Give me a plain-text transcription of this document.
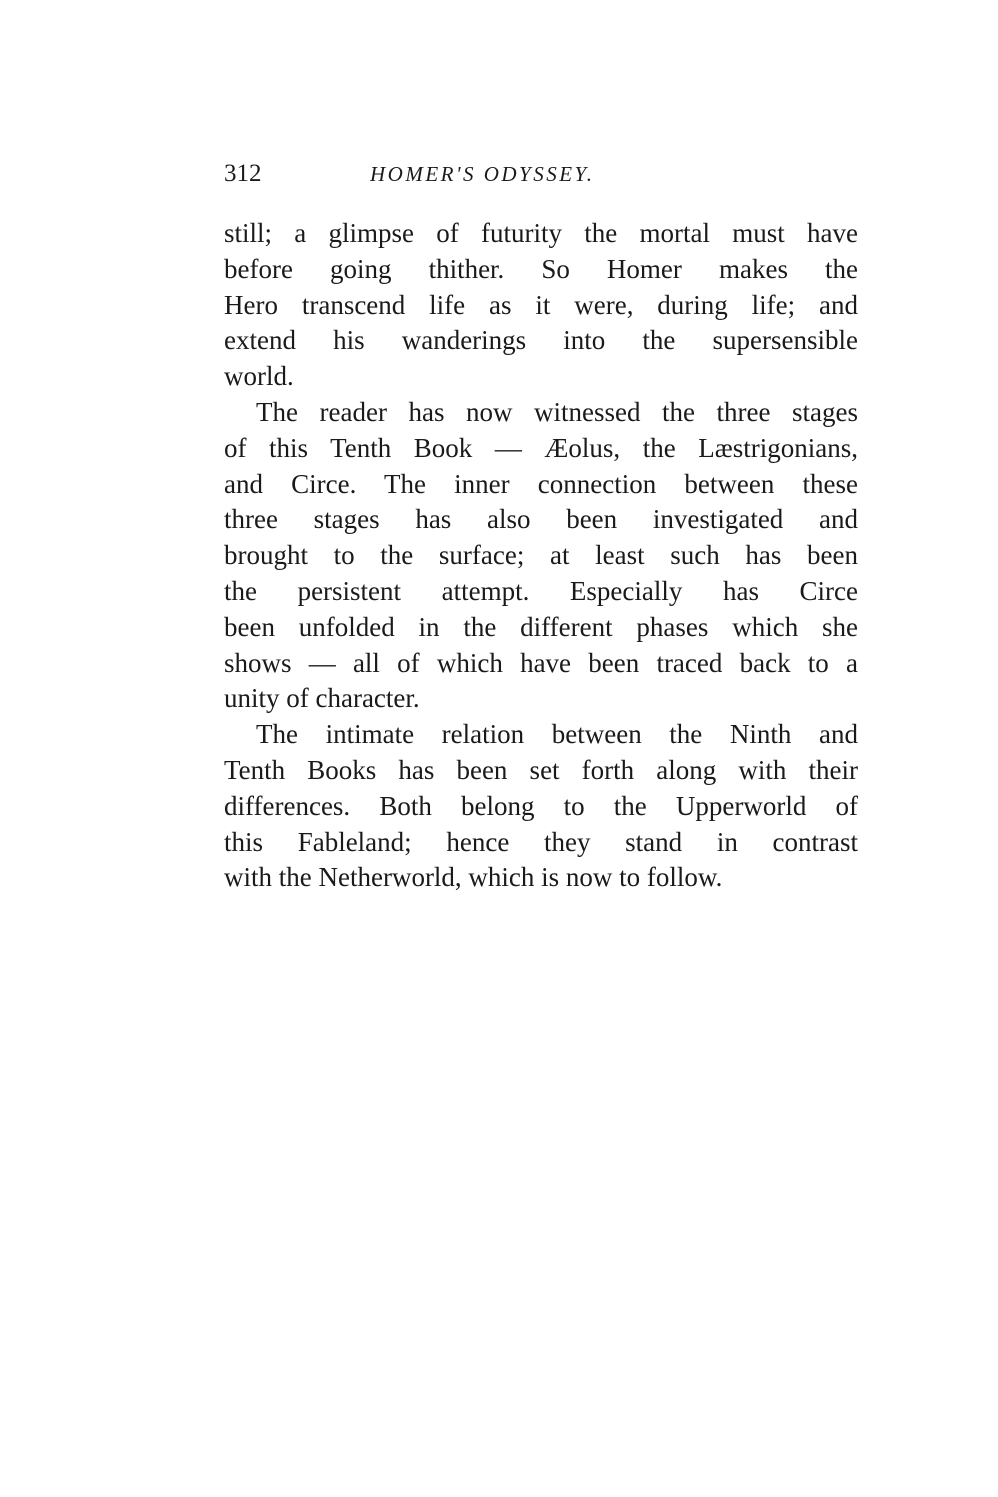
312	HOMER'S ODYSSEY.
still; a glimpse of futurity the mortal must have
before going thither. So Homer makes the
Hero transcend life as it were, during life; and
extend his wanderings into the supersensible
world.
The reader has now witnessed the three stages
of this Tenth Book — Æolus, the Læstrigonians,
and Circe. The inner connection between these
three stages has also been investigated and
brought to the surface; at least such has been
the persistent attempt. Especially has Circe
been unfolded in the different phases which she
shows — all of which have been traced back to a
unity of character.
The intimate relation between the Ninth and
Tenth Books has been set forth along with their
differences. Both belong to the Upperworld of
this Fableland; hence they stand in contrast
with the Netherworld, which is now to follow.
